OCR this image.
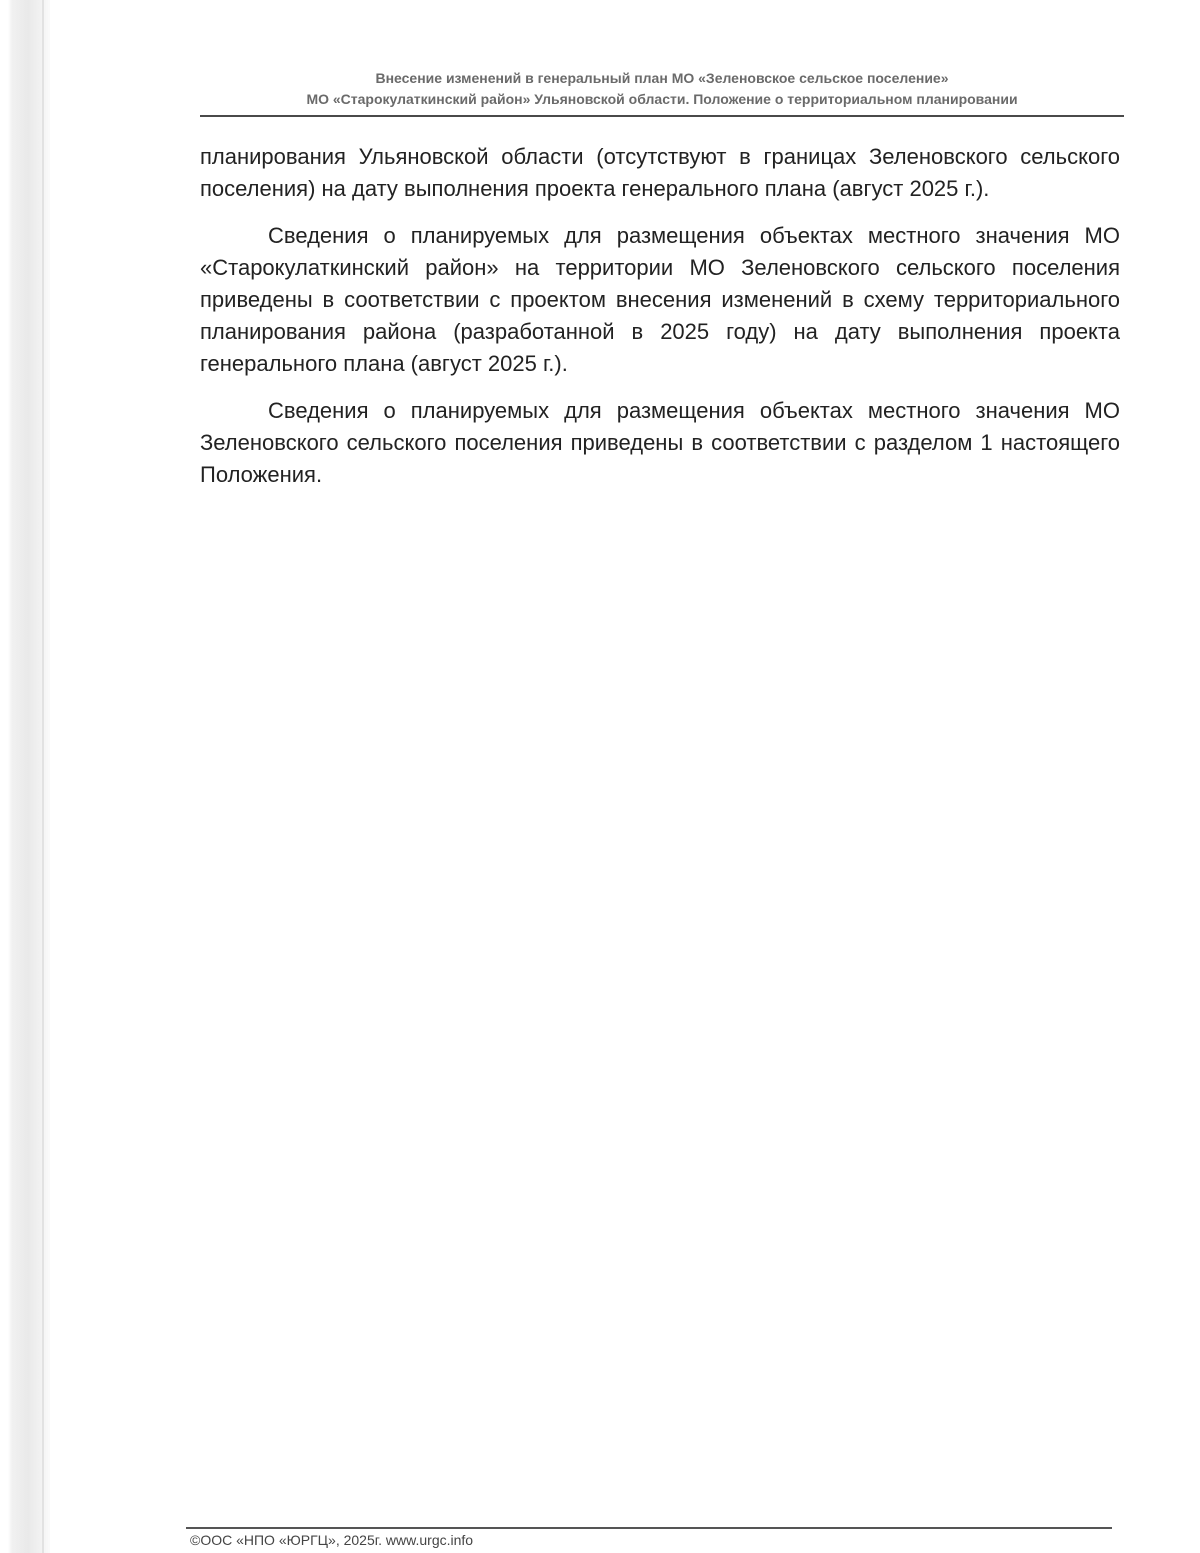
Внесение изменений в генеральный план МО «Зеленовское сельское поселение»
МО «Старокулаткинский район» Ульяновской области. Положение о территориальном планировании

планирования Ульяновской области (отсутствуют в границах Зеленовского сельского поселения) на дату выполнения проекта генерального плана (август 2025 г.).

Сведения о планируемых для размещения объектах местного значения МО «Старокулаткинский район» на территории МО Зеленовского сельского поселения приведены в соответствии с проектом внесения изменений в схему территориального планирования района (разработанной в 2025 году) на дату выполнения проекта генерального плана (август 2025 г.).

Сведения о планируемых для размещения объектах местного значения МО Зеленовского сельского поселения приведены в соответствии с разделом 1 настоящего Положения.

©ООС «НПО «ЮРГЦ», 2025г. www.urgc.info
